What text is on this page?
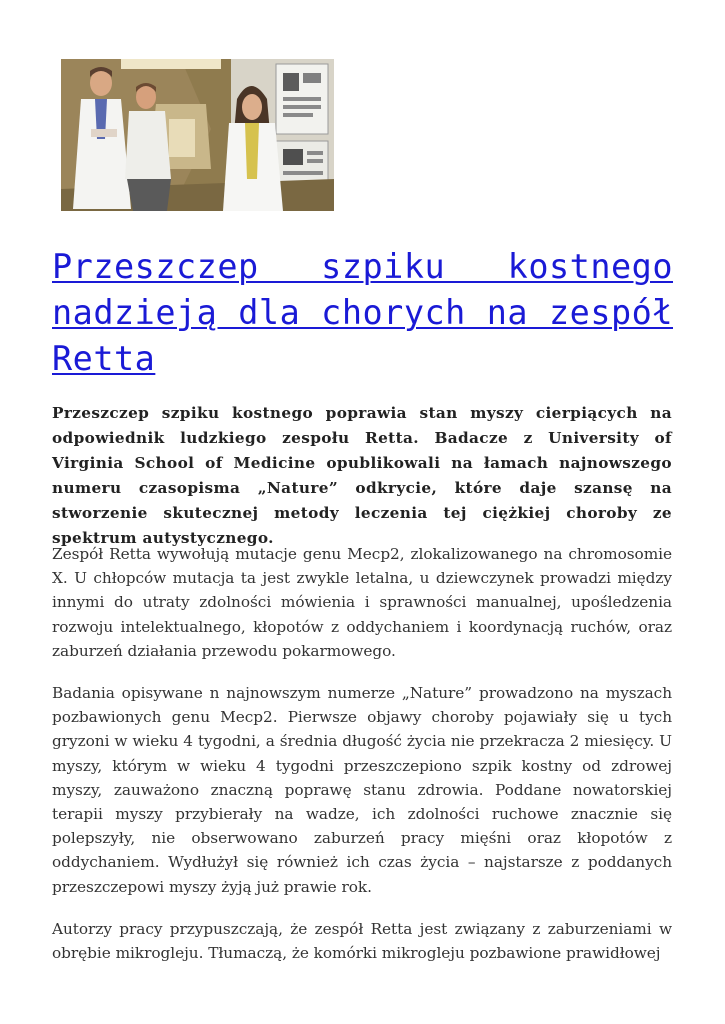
Przeszczep szpiku kostnego nadzieją dla chorych na zespół Retta

Przeszczep szpiku kostnego poprawia stan myszy cierpiących na odpowiednik ludzkiego zespołu Retta. Badacze z University of Virginia School of Medicine opublikowali na łamach najnowszego numeru czasopisma „Nature” odkrycie, które daje szansę na stworzenie skutecznej metody leczenia tej ciężkiej choroby ze spektrum autystycznego.

Zespół Retta wywołują mutacje genu Mecp2, zlokalizowanego na chromosomie X. U chłopców mutacja ta jest zwykle letalna, u dziewczynek prowadzi między innymi do utraty zdolności mówienia i sprawności manualnej, upośledzenia rozwoju intelektualnego, kłopotów z oddychaniem i koordynacją ruchów, oraz zaburzeń działania przewodu pokarmowego.

Badania opisywane n najnowszym numerze „Nature” prowadzono na myszach pozbawionych genu Mecp2. Pierwsze objawy choroby pojawiały się u tych gryzoni w wieku 4 tygodni, a średnia długość życia nie przekracza 2 miesięcy. U myszy, którym w wieku 4 tygodni przeszczepiono szpik kostny od zdrowej myszy, zauważono znaczną poprawę stanu zdrowia. Poddane nowatorskiej terapii myszy przybierały na wadze, ich zdolności ruchowe znacznie się polepszyły, nie obserwowano zaburzeń pracy mięśni oraz kłopotów z oddychaniem. Wydłużył się również ich czas życia – najstarsze z poddanych przeszczepowi myszy żyją już prawie rok.

Autorzy pracy przypuszczają, że zespół Retta jest związany z zaburzeniami w obrębie mikrogleju. Tłumaczą, że komórki mikrogleju pozbawione prawidłowej
